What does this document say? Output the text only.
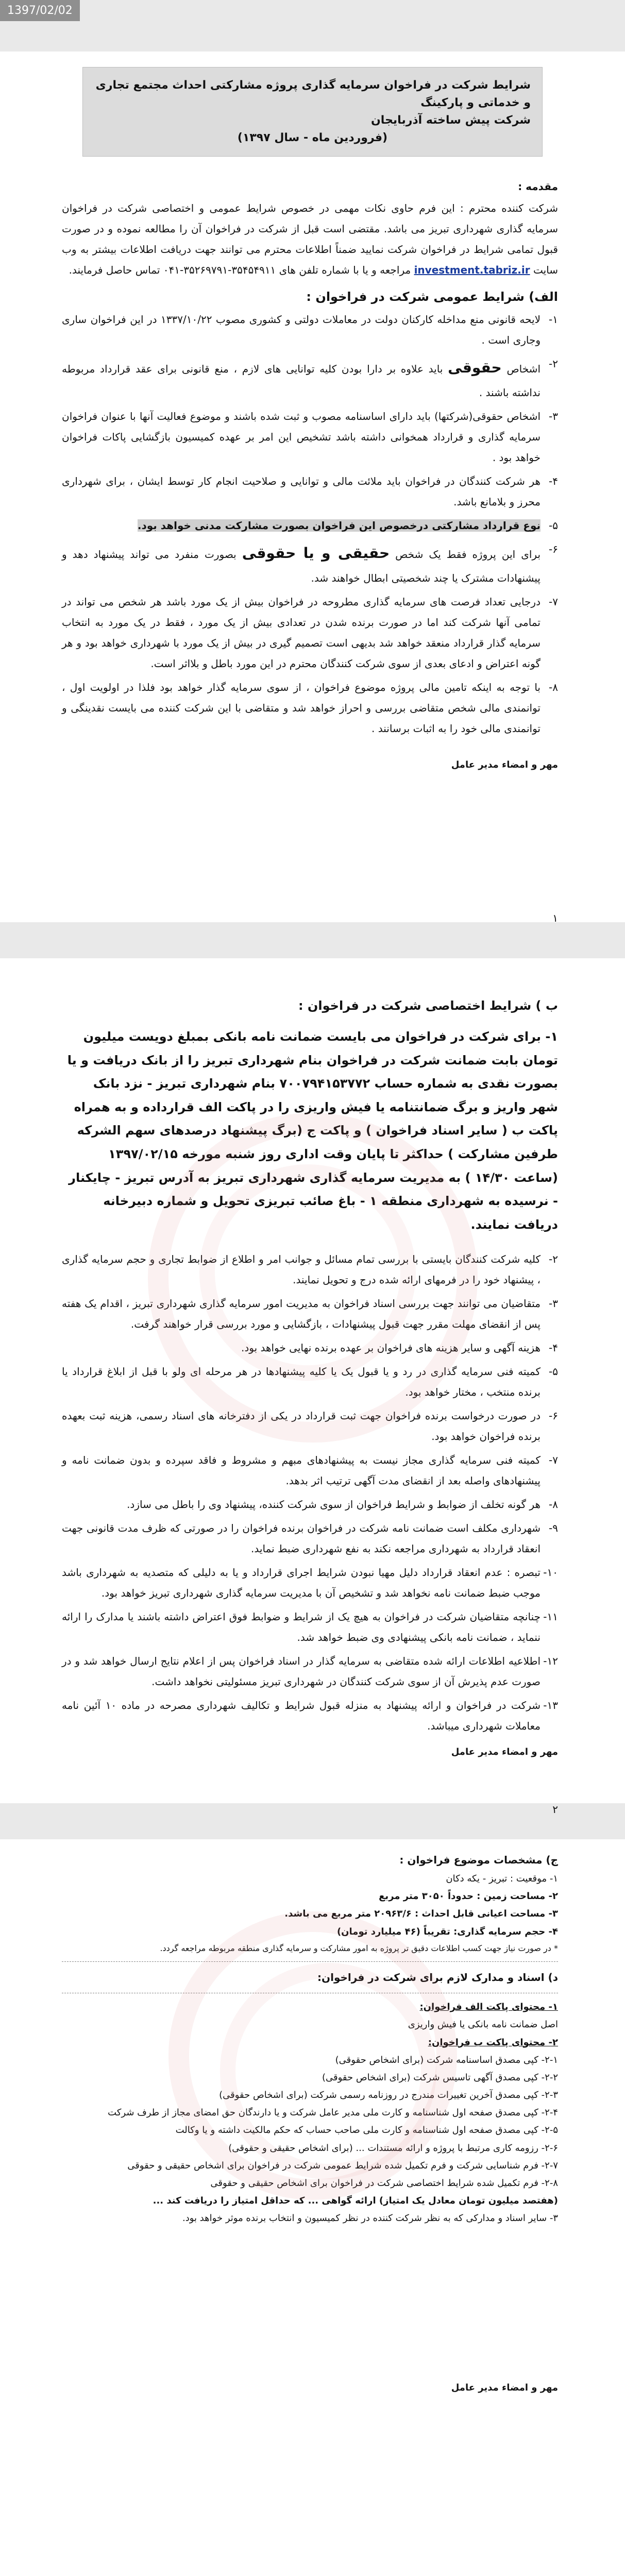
1397/02/02
شرایط شرکت در فراخوان سرمایه گذاری پروژه مشارکتی احداث مجتمع تجاری و خدماتی و پارکینگ
شرکت پیش ساخته آذربایجان
(فروردین ماه - سال ۱۳۹۷)
مقدمه :

شرکت کننده محترم : این فرم حاوی نکات مهمی در خصوص شرایط عمومی و اختصاصی شرکت در فراخوان سرمایه گذاری شهرداری تبریز می باشد. مقتضی است قبل از شرکت در فراخوان آن را مطالعه نموده و در صورت قبول تمامی شرایط در فراخوان شرکت نمایید ضمناً اطلاعات محترم می توانند جهت دریافت اطلاعات بیشتر به وب سایت investment.tabriz.ir مراجعه و یا با شماره تلفن های ۳۵۴۵۴۹۱۱-۳۵۲۶۹۷۹۱-۰۴۱ تماس حاصل فرمایند.

الف) شرایط عمومی شرکت در فراخوان :
۱-
لایحه قانونی منع مداخله کارکنان دولت در معاملات دولتی و کشوری مصوب ۱۳۳۷/۱۰/۲۲ در این فراخوان ساری وجاری است .
۲-
اشخاص حقوقی باید علاوه بر دارا بودن کلیه توانایی های لازم ، منع قانونی برای عقد قرارداد مربوطه نداشته باشند .
۳-
اشخاص حقوقی(شرکتها) باید دارای اساسنامه مصوب و ثبت شده باشند و موضوع فعالیت آنها با عنوان فراخوان سرمایه گذاری و قرارداد همخوانی داشته باشد تشخیص این امر بر عهده کمیسیون بازگشایی پاکات فراخوان خواهد بود .
۴-
هر شرکت کنندگان در فراخوان باید ملائت مالی و توانایی و صلاحیت انجام کار توسط ایشان ، برای شهرداری محرز و بلامانع باشد.
۵-
نوع قرارداد مشارکتی درخصوص این فراخوان بصورت مشارکت مدنی خواهد بود.
۶-
برای این پروژه فقط یک شخص حقیقی و یا حقوقی بصورت منفرد می تواند پیشنهاد دهد و پیشنهادات مشترک یا چند شخصیتی ابطال خواهند شد.
۷-
درجایی تعداد فرصت های سرمایه گذاری مطروحه در فراخوان بیش از یک مورد باشد هر شخص می تواند در تمامی آنها شرکت کند اما در صورت برنده شدن در تعدادی بیش از یک مورد ، فقط در یک مورد به انتخاب سرمایه گذار قرارداد منعقد خواهد شد بدیهی است تصمیم گیری در بیش از یک مورد با شهرداری خواهد بود و هر گونه اعتراض و ادعای بعدی از سوی شرکت کنندگان محترم در این مورد باطل و بلااثر است.
۸-
با توجه به اینکه تامین مالی پروژه موضوع فراخوان ، از سوی سرمایه گذار خواهد بود فلذا در اولویت اول ، توانمندی مالی شخص متقاضی بررسی و احراز خواهد شد و متقاضی با این شرکت کننده می بایست نقدینگی و توانمندی مالی خود را به اثبات برسانند .
مهر و امضاء مدیر عامل
۱
ب ) شرایط اختصاصی شرکت در فراخوان :

۱- برای شرکت در فراخوان می بایست ضمانت نامه بانکی بمبلغ دویست میلیون تومان بابت ضمانت شرکت در فراخوان بنام شهرداری تبریز را از بانک دریافت و یا بصورت نقدی به شماره حساب ۷۰۰۷۹۴۱۵۳۷۷۲ بنام شهرداری تبریز - نزد بانک شهر واریز و برگ ضمانتنامه یا فیش واریزی را در پاکت الف قرارداده و به همراه پاکت ب ( سایر اسناد فراخوان ) و پاکت ج (برگ پیشنهاد درصدهای سهم الشرکه طرفین مشارکت ) حداکثر تا پایان وقت اداری روز شنبه مورخه ۱۳۹۷/۰۲/۱۵ (ساعت ۱۴/۳۰ ) به مدیریت سرمایه گذاری شهرداری تبریز به آدرس تبریز - چایکنار - نرسیده به شهرداری منطقه ۱ - باغ صائب تبریزی تحویل و شماره دبیرخانه دریافت نمایند.

۲-
کلیه شرکت کنندگان بایستی با بررسی تمام مسائل و جوانب امر و اطلاع از ضوابط تجاری و حجم سرمایه گذاری ، پیشنهاد خود را در فرمهای ارائه شده درج و تحویل نمایند.
۳-
متقاضیان می توانند جهت بررسی اسناد فراخوان به مدیریت امور سرمایه گذاری شهرداری تبریز ، اقدام یک هفته پس از انقضای مهلت مقرر جهت قبول پیشنهادات ، بازگشایی و مورد بررسی قرار خواهند گرفت.
۴-
هزینه آگهی و سایر هزینه های فراخوان بر عهده برنده نهایی خواهد بود.
۵-
کمیته فنی سرمایه گذاری در رد و یا قبول یک یا کلیه پیشنهادها در هر مرحله ای ولو با قبل از ابلاغ قرارداد یا برنده منتخب ، مختار خواهد بود.
۶-
در صورت درخواست برنده فراخوان جهت ثبت قرارداد در یکی از دفترخانه های اسناد رسمی، هزینه ثبت بعهده برنده فراخوان خواهد بود.
۷-
کمیته فنی سرمایه گذاری مجاز نیست به پیشنهادهای مبهم و مشروط و فاقد سپرده و بدون ضمانت نامه و پیشنهادهای واصله بعد از انقضای مدت آگهی ترتیب اثر بدهد.
۸-
هر گونه تخلف از ضوابط و شرایط فراخوان از سوی شرکت کننده، پیشنهاد وی را باطل می سازد.
۹-
شهرداری مکلف است ضمانت نامه شرکت در فراخوان برنده فراخوان را در صورتی که ظرف مدت قانونی جهت انعقاد قرارداد به شهرداری مراجعه نکند به نفع شهرداری ضبط نماید.
۱۰-
تبصره : عدم انعقاد قرارداد دلیل مهیا نبودن شرایط اجرای قرارداد و یا به دلیلی که متصدیه به شهرداری باشد موجب ضبط ضمانت نامه نخواهد شد و تشخیص آن با مدیریت سرمایه گذاری شهرداری تبریز خواهد بود.
۱۱-
چنانچه متقاضیان شرکت در فراخوان به هیچ یک از شرایط و ضوابط فوق اعتراض داشته باشند یا مدارک را ارائه ننماید ، ضمانت نامه بانکی پیشنهادی وی ضبط خواهد شد.
۱۲-
اطلاعیه اطلاعات ارائه شده متقاضی به سرمایه گذار در اسناد فراخوان پس از اعلام نتایج ارسال خواهد شد و در صورت عدم پذیرش آن از سوی شرکت کنندگان در شهرداری تبریز مسئولیتی نخواهد داشت.
۱۳-
شرکت در فراخوان و ارائه پیشنهاد به منزله قبول شرایط و تکالیف شهرداری مصرحه در ماده ۱۰ آئین نامه معاملات شهرداری میباشد.
مهر و امضاء مدیر عامل
۲
ج) مشخصات موضوع فراخوان :
۱- موقعیت : تبریز - یکه دکان
۲- مساحت زمین : حدوداً ۳۰۵۰ متر مربع
۳- مساحت اعیانی قابل احداث : ۲۰۹۶۳/۶ متر مربع می باشد.
۴- حجم سرمایه گذاری: تقریباً (۴۶ میلیارد تومان)
* در صورت نیاز جهت کسب اطلاعات دقیق تر پروژه به امور مشارکت و سرمایه گذاری منطقه مربوطه مراجعه گردد.
د) اسناد و مدارک لازم برای شرکت در فراخوان:
۱- محتوای پاکت الف فراخوان:
اصل ضمانت نامه بانکی یا فیش واریزی
۲- محتوای پاکت ب فراخوان:
۲-۱- کپی مصدق اساسنامه شرکت (برای اشخاص حقوقی)
۲-۲- کپی مصدق آگهی تاسیس شرکت (برای اشخاص حقوقی)
۲-۳- کپی مصدق آخرین تغییرات مندرج در روزنامه رسمی شرکت (برای اشخاص حقوقی)
۲-۴- کپی مصدق صفحه اول شناسنامه و کارت ملی مدیر عامل شرکت و یا دارندگان حق امضای مجاز از طرف شرکت
۲-۵- کپی مصدق صفحه اول شناسنامه و کارت ملی صاحب حساب که حکم مالکیت داشته و یا وکالت
۲-۶- رزومه کاری مرتبط با پروژه و ارائه مستندات ... (برای اشخاص حقیقی و حقوقی)
۲-۷- فرم شناسایی شرکت و فرم تکمیل شده شرایط عمومی شرکت در فراخوان برای اشخاص حقیقی و حقوقی
۲-۸- فرم تکمیل شده شرایط اختصاصی شرکت در فراخوان برای اشخاص حقیقی و حقوقی
(هفتصد میلیون تومان معادل یک امتیاز) ارائه گواهی ... که حداقل امتیاز را دریافت کند ...
۳- سایر اسناد و مدارکی که به نظر شرکت کننده در نظر کمیسیون و انتخاب برنده موثر خواهد بود.
مهر و امضاء مدیر عامل
